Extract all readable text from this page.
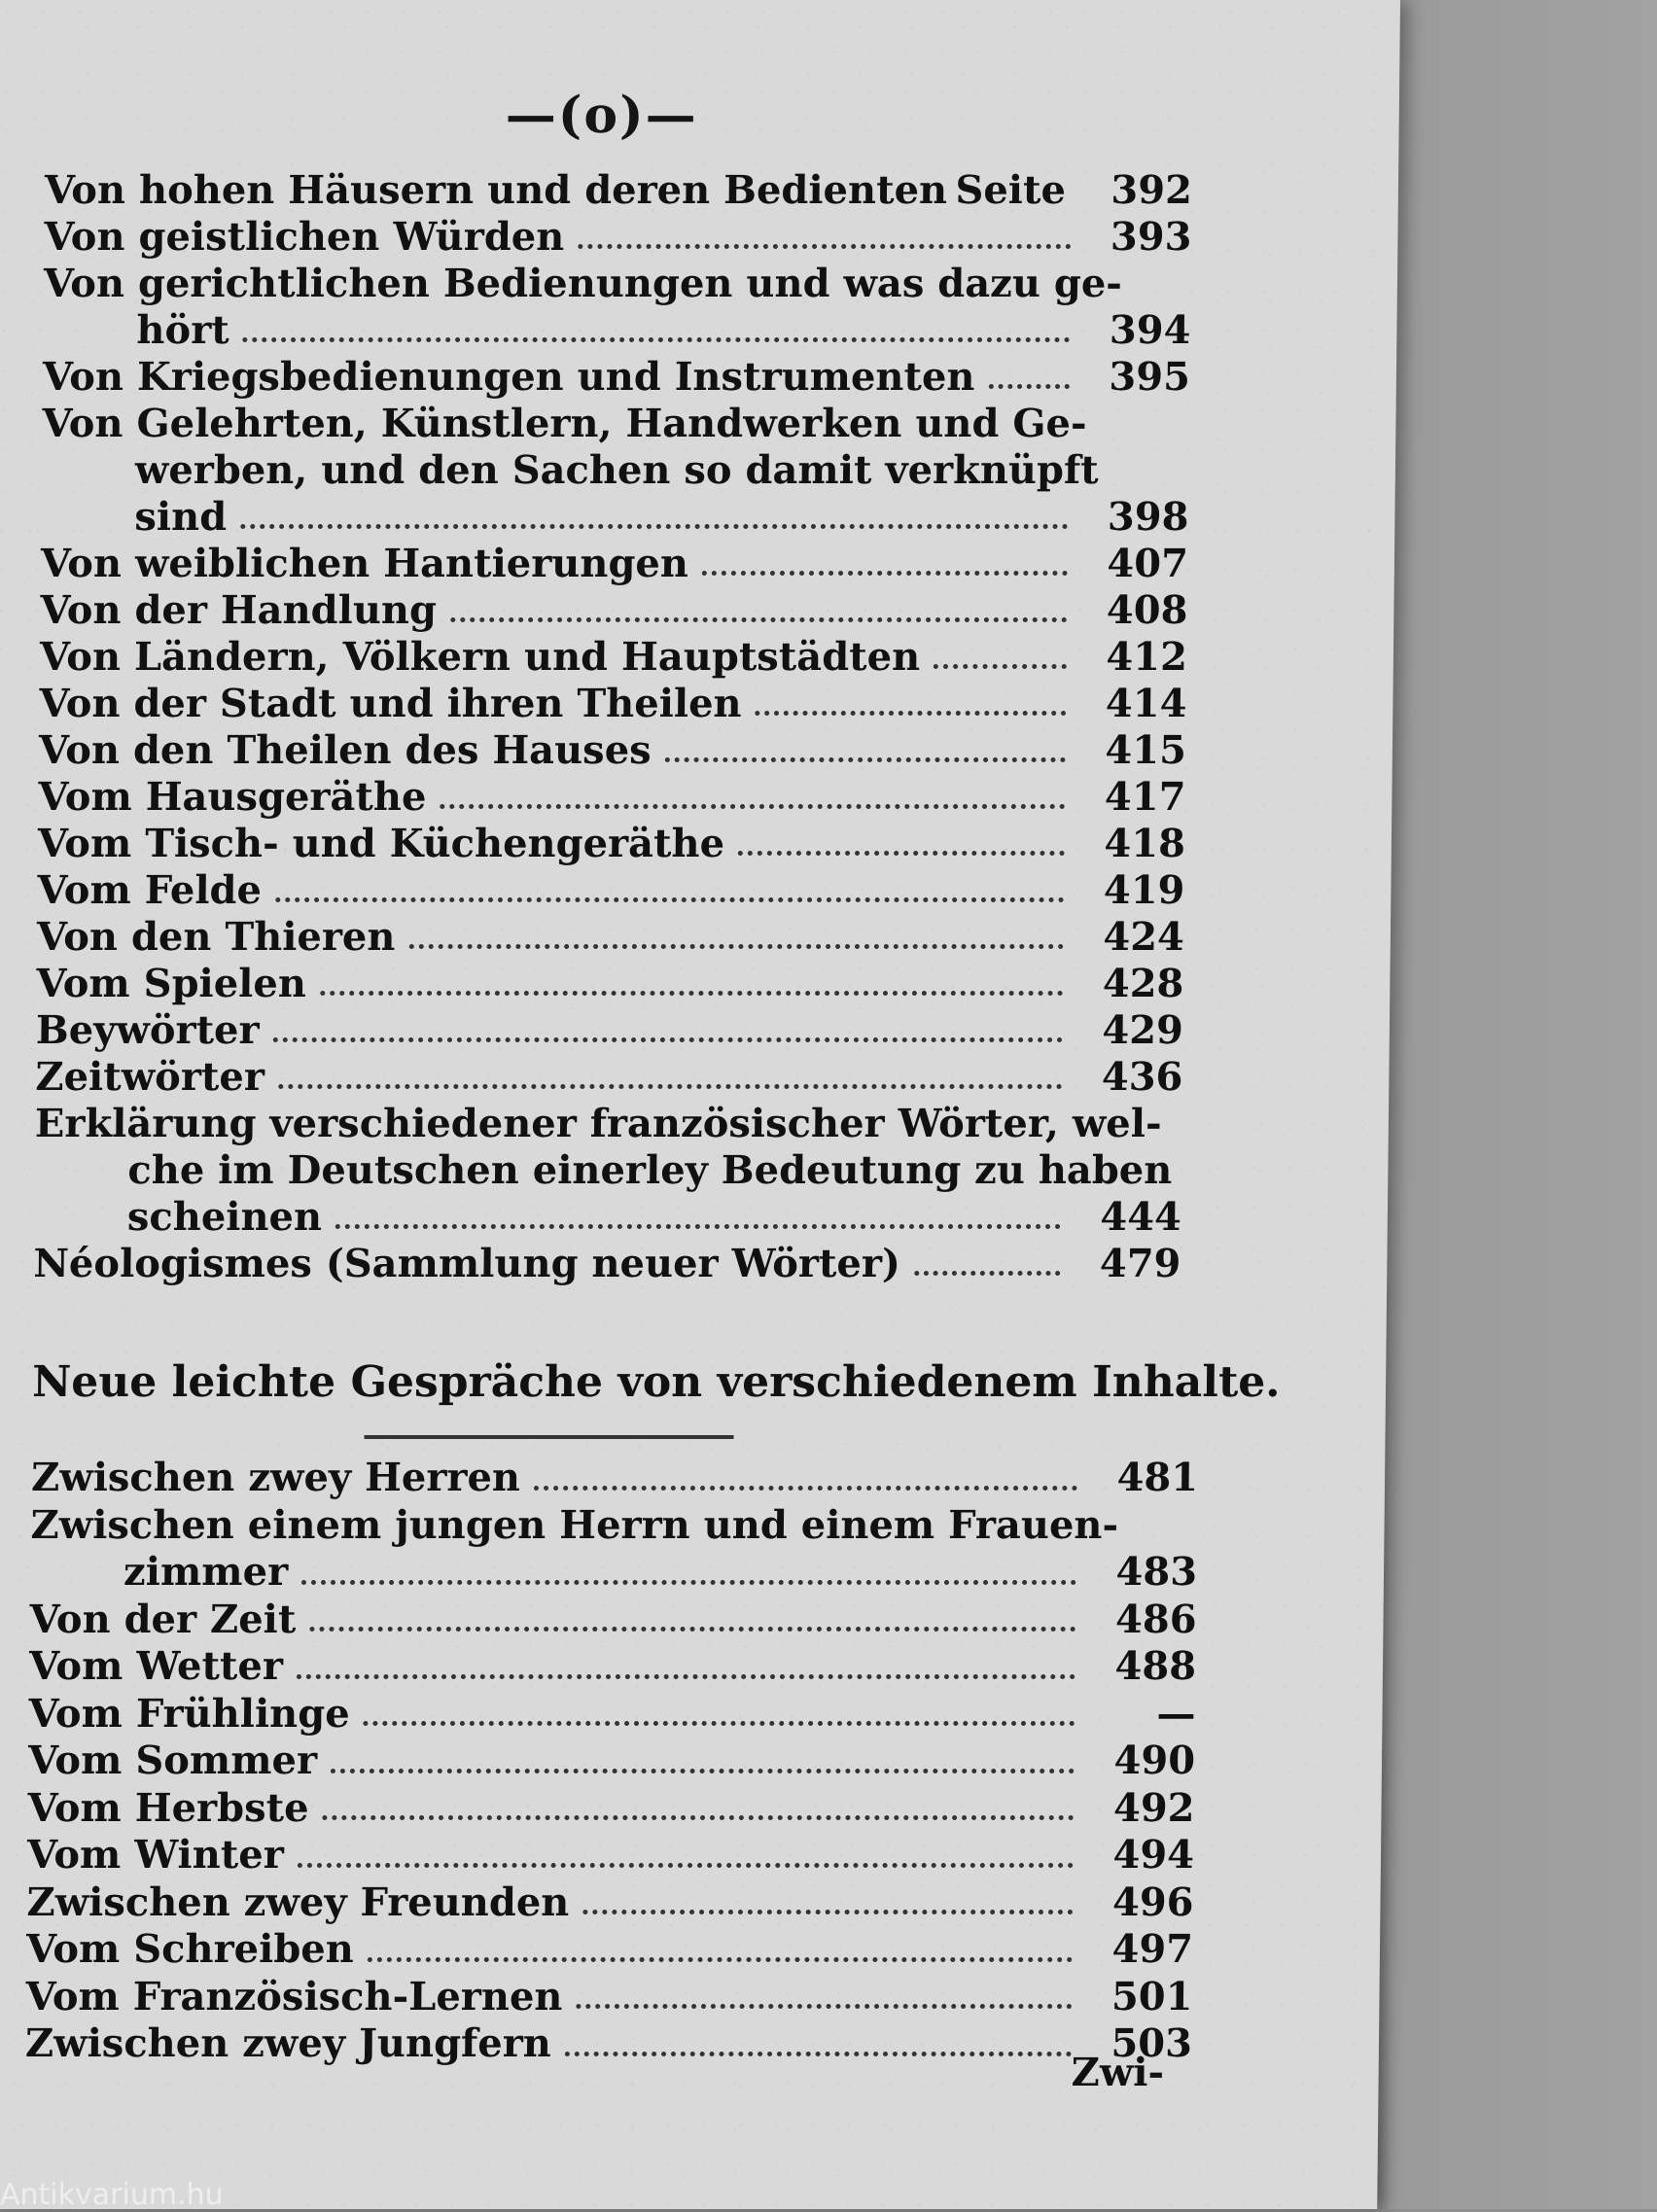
—(o)—
Von hohen Häusern und deren Bedienten Seite	392
Von geistlichen Würden	393
Von gerichtlichen Bedienungen und was dazu ge-
hört	394
Von Kriegsbedienungen und Instrumenten	395
Von Gelehrten, Künstlern, Handwerken und Ge-
werben, und den Sachen so damit verknüpft
sind	398
Von weiblichen Hantierungen	407
Von der Handlung	408
Von Ländern, Völkern und Hauptstädten	412
Von der Stadt und ihren Theilen	414
Von den Theilen des Hauses	415
Vom Hausgeräthe	417
Vom Tisch- und Küchengeräthe	418
Vom Felde	419
Von den Thieren	424
Vom Spielen	428
Beywörter	429
Zeitwörter	436
Erklärung verschiedener französischer Wörter, wel-
che im Deutschen einerley Bedeutung zu haben
scheinen	444
Néologismes (Sammlung neuer Wörter)	479
Neue leichte Gespräche von verschiedenem Inhalte.
Zwischen zwey Herren	481
Zwischen einem jungen Herrn und einem Frauen-
zimmer	483
Von der Zeit	486
Vom Wetter	488
Vom Frühlinge	—
Vom Sommer	490
Vom Herbste	492
Vom Winter	494
Zwischen zwey Freunden	496
Vom Schreiben	497
Vom Französisch-Lernen	501
Zwischen zwey Jungfern	503
Zwi-
Antikvarium.hu
